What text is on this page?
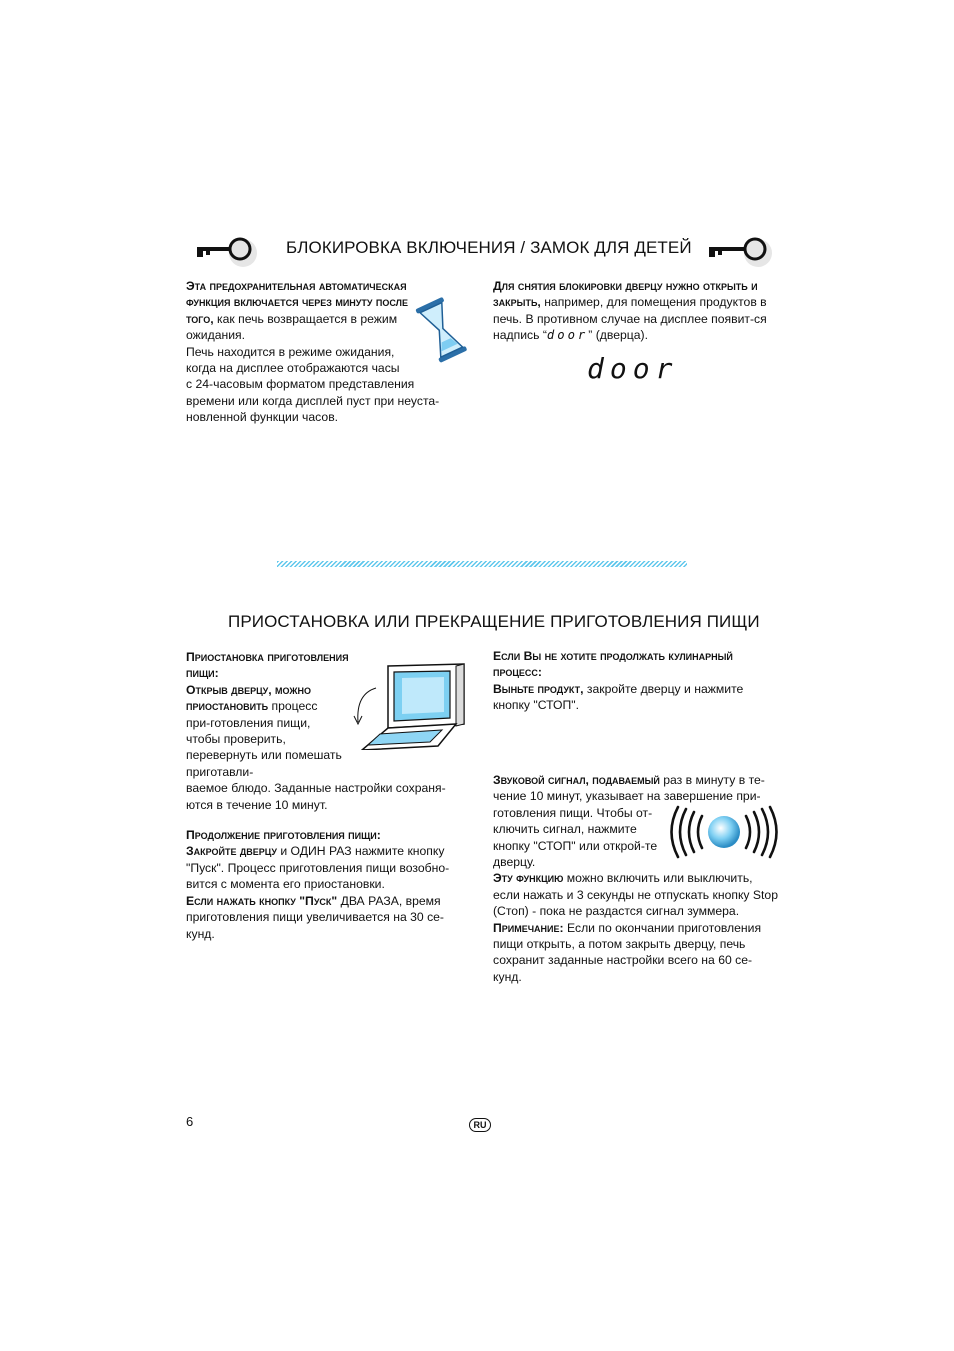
БЛОКИРОВКА ВКЛЮЧЕНИЯ / ЗАМОК ДЛЯ ДЕТЕЙ
Эта предохранительная автоматическая функция включается через минуту после того, как печь возвращается в режим ожидания.
Печь находится в режиме ожидания,
когда на дисплее отображаются часы
с 24-часовым форматом представления
времени или когда дисплей пуст при неуста-
новленной функции часов.
Для снятия блокировки дверцу нужно открыть и закрыть, например, для помещения продуктов в печь. В противном случае на дисплее появит-ся надпись “door” (дверца).
door
ПРИОСТАНОВКА ИЛИ ПРЕКРАЩЕНИЕ ПРИГОТОВЛЕНИЯ ПИЩИ
Приостановка приготовления пищи:
Открыв дверцу, можно приостановить процесс при-готовления пищи, чтобы проверить, перевернуть или помешать приготавли-
ваемое блюдо. Заданные настройки сохраня-ются в течение 10 минут.
Продолжение приготовления пищи:
Закройте дверцу и ОДИН РАЗ нажмите кнопку "Пуск". Процесс приготовления пищи возобно-вится с момента его приостановки.
Если нажать кнопку "Пуск" ДВА РАЗА, время приготовления пищи увеличивается на 30 се-кунд.
Если Вы не хотите продолжать кулинарный процесс:
Выньте продукт, закройте дверцу и нажмите кнопку "СТОП".
Звуковой сигнал, подаваемый раз в минуту в те-чение 10 минут, указывает на завершение при-
готовления пищи. Чтобы от-ключить сигнал, нажмите кнопку "СТОП" или открой-те дверцу.
Эту функцию можно включить или выключить, если нажать и 3 секунды не отпускать кнопку Stop (Стоп) - пока не раздастся сигнал зуммера.
Примечание: Если по окончании приготовления пищи открыть, а потом закрыть дверцу, печь сохранит заданные настройки всего на 60 се-кунд.
6	RU
